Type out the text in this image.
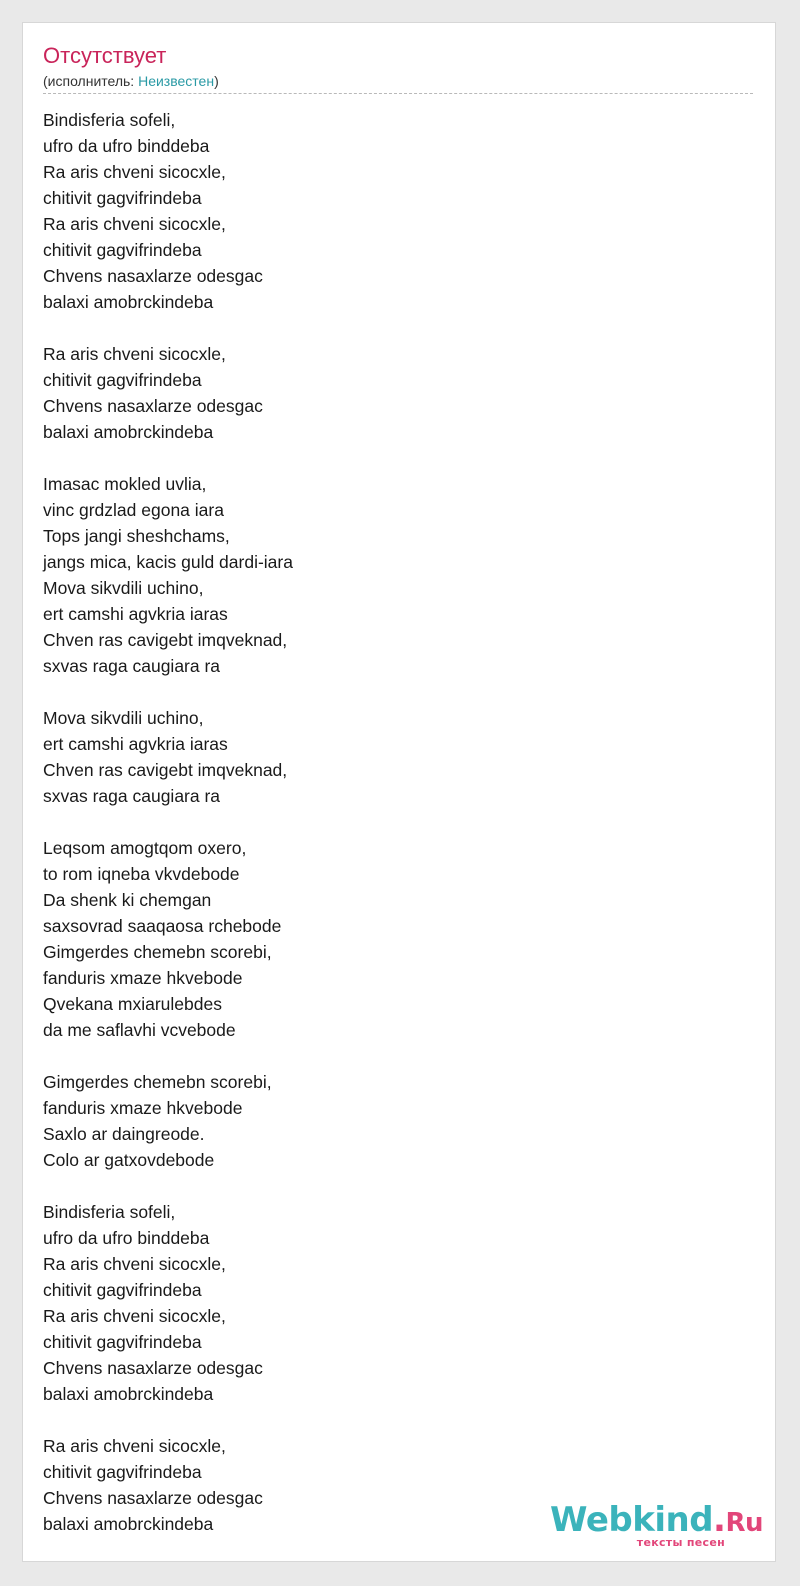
Отсутствует
(исполнитель: Неизвестен)
Bindisferia sofeli,
ufro da ufro binddeba
Ra aris chveni sicocxle,
chitivit gagvifrindeba
Ra aris chveni sicocxle,
chitivit gagvifrindeba
Chvens nasaxlarze odesgac
balaxi amobrckindeba
Ra aris chveni sicocxle,
chitivit gagvifrindeba
Chvens nasaxlarze odesgac
balaxi amobrckindeba
Imasac mokled uvlia,
vinc grdzlad egona iara
Tops jangi sheshchams,
jangs mica, kacis guld dardi-iara
Mova sikvdili uchino,
ert camshi agvkria iaras
Chven ras cavigebt imqveknad,
sxvas raga caugiara ra
Mova sikvdili uchino,
ert camshi agvkria iaras
Chven ras cavigebt imqveknad,
sxvas raga caugiara ra
Leqsom amogtqom oxero,
to rom iqneba vkvdebode
Da shenk ki chemgan
saxsovrad saaqaosa rchebode
Gimgerdes chemebn scorebi,
fanduris xmaze hkvebode
Qvekana mxiarulebdes
da me saflavhi vcvebode
Gimgerdes chemebn scorebi,
fanduris xmaze hkvebode
Saxlo ar daingreode.
Colo ar gatxovdebode
Bindisferia sofeli,
ufro da ufro binddeba
Ra aris chveni sicocxle,
chitivit gagvifrindeba
Ra aris chveni sicocxle,
chitivit gagvifrindeba
Chvens nasaxlarze odesgac
balaxi amobrckindeba
Ra aris chveni sicocxle,
chitivit gagvifrindeba
Chvens nasaxlarze odesgac
balaxi amobrckindeba	Webkind.Ru
тексты песен
